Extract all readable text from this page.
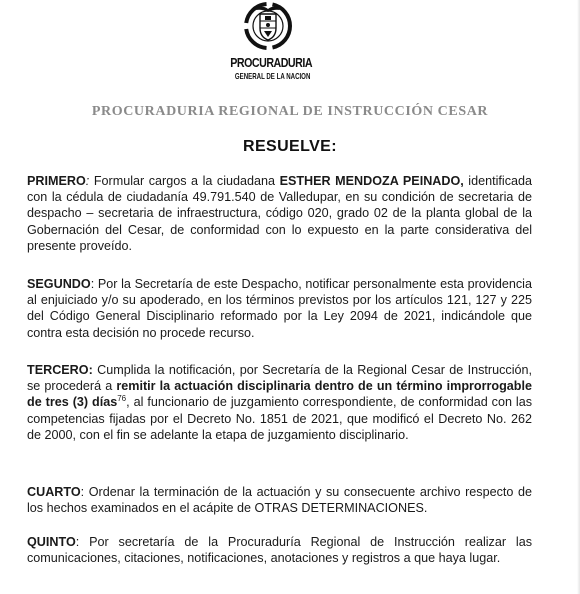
PROCURADURIA
GENERAL DE LA NACION
PROCURADURIA REGIONAL DE INSTRUCCIÓN CESAR
RESUELVE:
PRIMERO: Formular cargos a la ciudadana ESTHER MENDOZA PEINADO, identificada con la cédula de ciudadanía 49.791.540 de Valledupar, en su condición de secretaria de despacho – secretaria de infraestructura, código 020, grado 02 de la planta global de la Gobernación del Cesar, de conformidad con lo expuesto en la parte considerativa del presente proveído.
SEGUNDO: Por la Secretaría de este Despacho, notificar personalmente esta providencia al enjuiciado y/o su apoderado, en los términos previstos por los artículos 121, 127 y 225 del Código General Disciplinario reformado por la Ley 2094 de 2021, indicándole que contra esta decisión no procede recurso.
TERCERO: Cumplida la notificación, por Secretaría de la Regional Cesar de Instrucción, se procederá a remitir la actuación disciplinaria dentro de un término improrrogable de tres (3) días$^{76}$, al funcionario de juzgamiento correspondiente, de conformidad con las competencias fijadas por el Decreto No. 1851 de 2021, que modificó el Decreto No. 262 de 2000, con el fin se adelante la etapa de juzgamiento disciplinario.
CUARTO: Ordenar la terminación de la actuación y su consecuente archivo respecto de los hechos examinados en el acápite de OTRAS DETERMINACIONES.
QUINTO: Por secretaría de la Procuraduría Regional de Instrucción realizar las comunicaciones, citaciones, notificaciones, anotaciones y registros a que haya lugar.
